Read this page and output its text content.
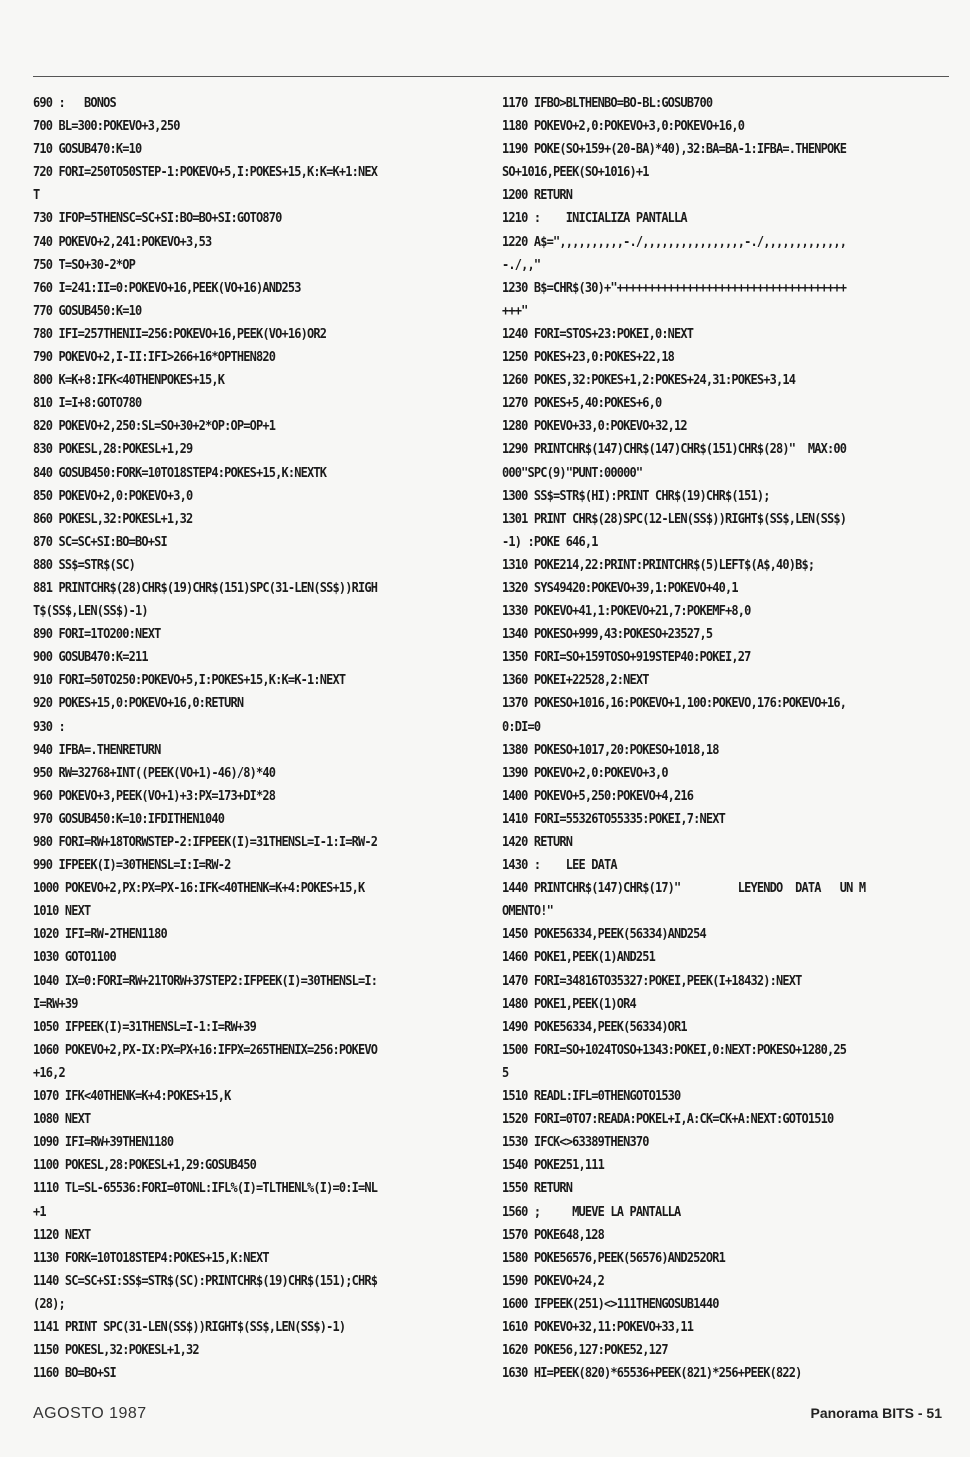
690 :   BONOS
700 BL=300:POKEVO+3,250
710 GOSUB470:K=10
720 FORI=250TO50STEP-1:POKEVO+5,I:POKES+15,K:K=K+1:NEX
T
730 IFOP=5THENSC=SC+SI:BO=BO+SI:GOTO870
740 POKEVO+2,241:POKEVO+3,53
750 T=SO+30-2*OP
760 I=241:II=0:POKEVO+16,PEEK(VO+16)AND253
770 GOSUB450:K=10
780 IFI=257THENII=256:POKEVO+16,PEEK(VO+16)OR2
790 POKEVO+2,I-II:IFI>266+16*OPTHEN820
800 K=K+8:IFK<40THENPOKES+15,K
810 I=I+8:GOTO780
820 POKEVO+2,250:SL=SO+30+2*OP:OP=OP+1
830 POKESL,28:POKESL+1,29
840 GOSUB450:FORK=10TO18STEP4:POKES+15,K:NEXTK
850 POKEVO+2,0:POKEVO+3,0
860 POKESL,32:POKESL+1,32
870 SC=SC+SI:BO=BO+SI
880 SS$=STR$(SC)
881 PRINTCHR$(28)CHR$(19)CHR$(151)SPC(31-LEN(SS$))RIGH
T$(SS$,LEN(SS$)-1)
890 FORI=1TO200:NEXT
900 GOSUB470:K=211
910 FORI=50TO250:POKEVO+5,I:POKES+15,K:K=K-1:NEXT
920 POKES+15,0:POKEVO+16,0:RETURN
930 :
940 IFBA=.THENRETURN
950 RW=32768+INT((PEEK(VO+1)-46)/8)*40
960 POKEVO+3,PEEK(VO+1)+3:PX=173+DI*28
970 GOSUB450:K=10:IFDITHEN1040
980 FORI=RW+18TORWSTEP-2:IFPEEK(I)=31THENSL=I-1:I=RW-2
990 IFPEEK(I)=30THENSL=I:I=RW-2
1000 POKEVO+2,PX:PX=PX-16:IFK<40THENK=K+4:POKES+15,K
1010 NEXT
1020 IFI=RW-2THEN1180
1030 GOTO1100
1040 IX=0:FORI=RW+21TORW+37STEP2:IFPEEK(I)=30THENSL=I:
I=RW+39
1050 IFPEEK(I)=31THENSL=I-1:I=RW+39
1060 POKEVO+2,PX-IX:PX=PX+16:IFPX=265THENIX=256:POKEVO
+16,2
1070 IFK<40THENK=K+4:POKES+15,K
1080 NEXT
1090 IFI=RW+39THEN1180
1100 POKESL,28:POKESL+1,29:GOSUB450
1110 TL=SL-65536:FORI=0TONL:IFL%(I)=TLTHENL%(I)=0:I=NL
+1
1120 NEXT
1130 FORK=10TO18STEP4:POKES+15,K:NEXT
1140 SC=SC+SI:SS$=STR$(SC):PRINTCHR$(19)CHR$(151);CHR$
(28);
1141 PRINT SPC(31-LEN(SS$))RIGHT$(SS$,LEN(SS$)-1)
1150 POKESL,32:POKESL+1,32
1160 BO=BO+SI
1170 IFBO>BLTHENBO=BO-BL:GOSUB700
1180 POKEVO+2,0:POKEVO+3,0:POKEVO+16,0
1190 POKE(SO+159+(20-BA)*40),32:BA=BA-1:IFBA=.THENPOKE
SO+1016,PEEK(SO+1016)+1
1200 RETURN
1210 :    INICIALIZA PANTALLA
1220 A$=",,,,,,,,,,-./,,,,,,,,,,,,,,,,-./,,,,,,,,,,,,,
-./,,"
1230 B$=CHR$(30)+"++++++++++++++++++++++++++++++++++++
+++"
1240 FORI=STOS+23:POKEI,0:NEXT
1250 POKES+23,0:POKES+22,18
1260 POKES,32:POKES+1,2:POKES+24,31:POKES+3,14
1270 POKES+5,40:POKES+6,0
1280 POKEVO+33,0:POKEVO+32,12
1290 PRINTCHR$(147)CHR$(147)CHR$(151)CHR$(28)"  MAX:00
000"SPC(9)"PUNT:00000"
1300 SS$=STR$(HI):PRINT CHR$(19)CHR$(151);
1301 PRINT CHR$(28)SPC(12-LEN(SS$))RIGHT$(SS$,LEN(SS$)
-1) :POKE 646,1
1310 POKE214,22:PRINT:PRINTCHR$(5)LEFT$(A$,40)B$;
1320 SYS49420:POKEVO+39,1:POKEVO+40,1
1330 POKEVO+41,1:POKEVO+21,7:POKEMF+8,0
1340 POKESO+999,43:POKESO+23527,5
1350 FORI=SO+159TOSO+919STEP40:POKEI,27
1360 POKEI+22528,2:NEXT
1370 POKESO+1016,16:POKEVO+1,100:POKEVO,176:POKEVO+16,
0:DI=0
1380 POKESO+1017,20:POKESO+1018,18
1390 POKEVO+2,0:POKEVO+3,0
1400 POKEVO+5,250:POKEVO+4,216
1410 FORI=55326TO55335:POKEI,7:NEXT
1420 RETURN
1430 :    LEE DATA
1440 PRINTCHR$(147)CHR$(17)"         LEYENDO  DATA   UN M
OMENTO!"
1450 POKE56334,PEEK(56334)AND254
1460 POKE1,PEEK(1)AND251
1470 FORI=34816TO35327:POKEI,PEEK(I+18432):NEXT
1480 POKE1,PEEK(1)OR4
1490 POKE56334,PEEK(56334)OR1
1500 FORI=SO+1024TOSO+1343:POKEI,0:NEXT:POKESO+1280,25
5
1510 READL:IFL=0THENGOTO1530
1520 FORI=0TO7:READA:POKEL+I,A:CK=CK+A:NEXT:GOTO1510
1530 IFCK<>63389THEN370
1540 POKE251,111
1550 RETURN
1560 ;     MUEVE LA PANTALLA
1570 POKE648,128
1580 POKE56576,PEEK(56576)AND252OR1
1590 POKEVO+24,2
1600 IFPEEK(251)<>111THENGOSUB1440
1610 POKEVO+32,11:POKEVO+33,11
1620 POKE56,127:POKE52,127
1630 HI=PEEK(820)*65536+PEEK(821)*256+PEEK(822)
AGOSTO 1987	Panorama BITS - 51
